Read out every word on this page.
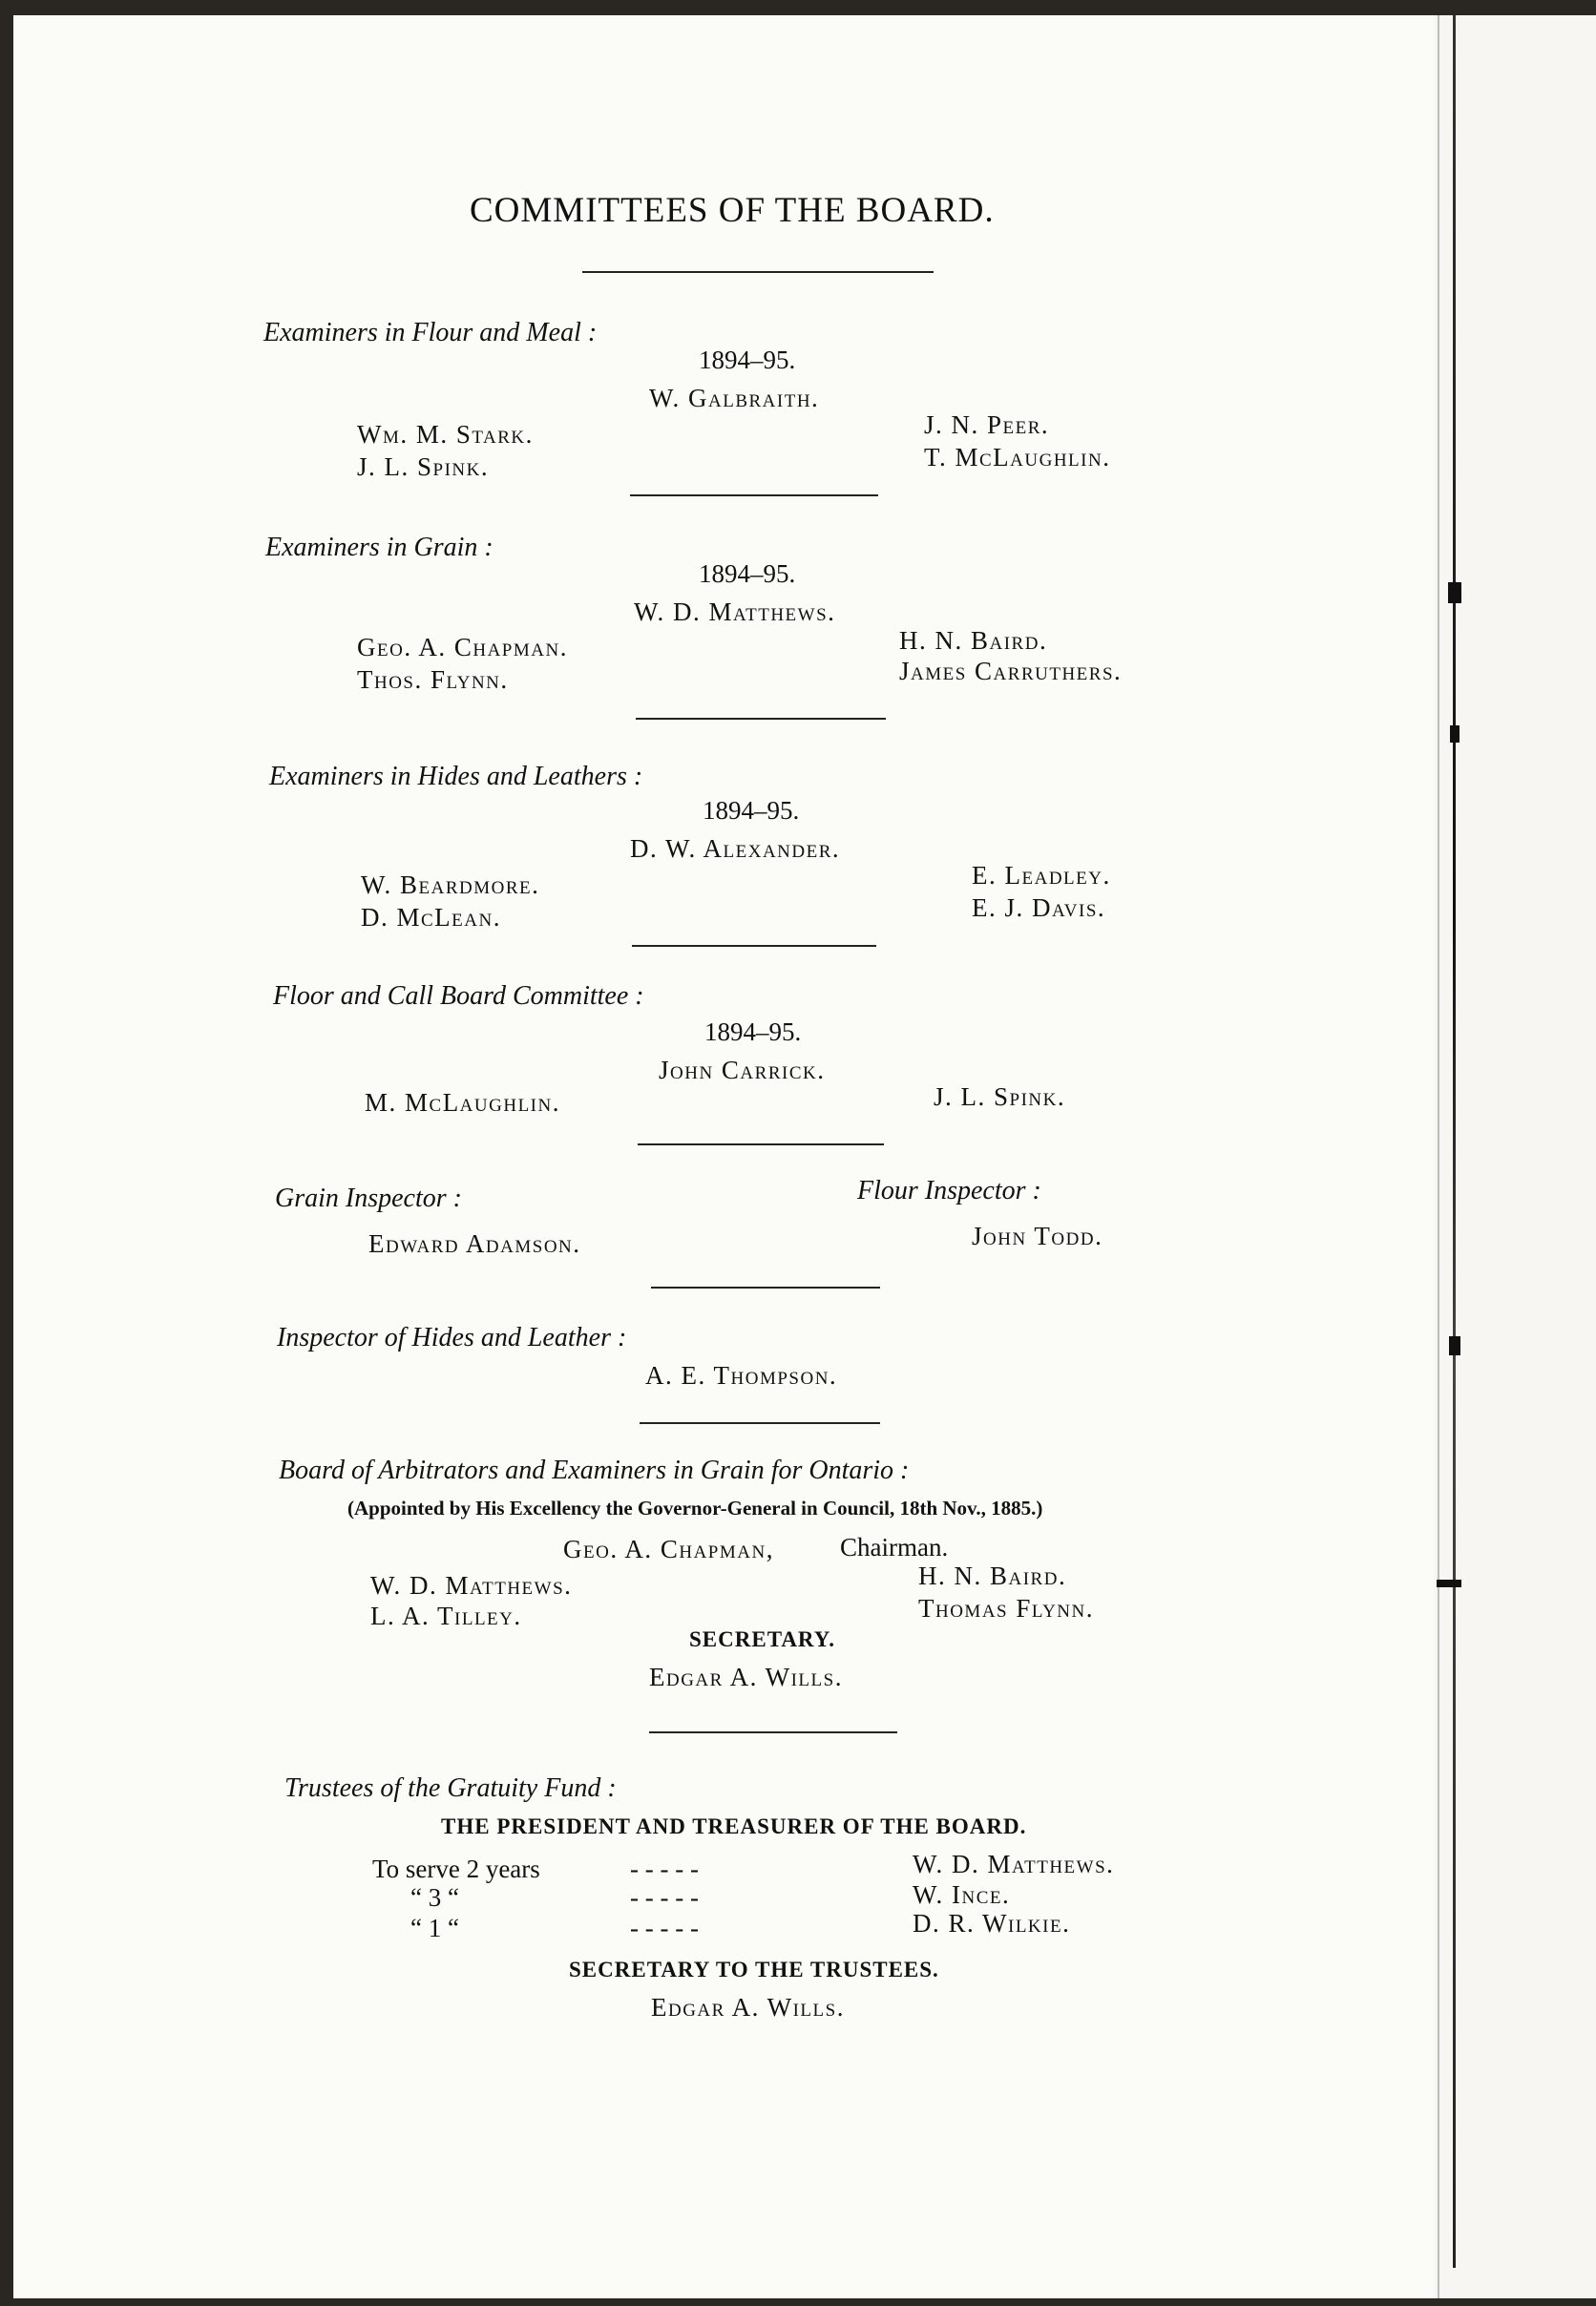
COMMITTEES OF THE BOARD.
Examiners in Flour and Meal :
1894–95.
W. Galbraith.
Wm. M. Stark.
J. L. Spink.
J. N. Peer.
T. McLaughlin.
Examiners in Grain :
1894–95.
W. D. Matthews.
Geo. A. Chapman.
Thos. Flynn.
H. N. Baird.
James Carruthers.
Examiners in Hides and Leathers :
1894–95.
D. W. Alexander.
W. Beardmore.
D. McLean.
E. Leadley.
E. J. Davis.
Floor and Call Board Committee :
1894–95.
John Carrick.
M. McLaughlin.	J. L. Spink.
Grain Inspector :
Edward Adamson.
Flour Inspector :
John Todd.
Inspector of Hides and Leather :
A. E. Thompson.
Board of Arbitrators and Examiners in Grain for Ontario :
(Appointed by His Excellency the Governor-General in Council, 18th Nov., 1885.)
Geo. A. Chapman,	Chairman.
W. D. Matthews.
L. A. Tilley.
H. N. Baird.
Thomas Flynn.
SECRETARY.
Edgar A. Wills.
Trustees of the Gratuity Fund :
THE PRESIDENT AND TREASURER OF THE BOARD.
To serve 2 years	- - - - -	W. D. Matthews.
“ 3 “	- - - - -	W. Ince.
“ 1 “	- - - - -	D. R. Wilkie.
SECRETARY TO THE TRUSTEES.
Edgar A. Wills.
